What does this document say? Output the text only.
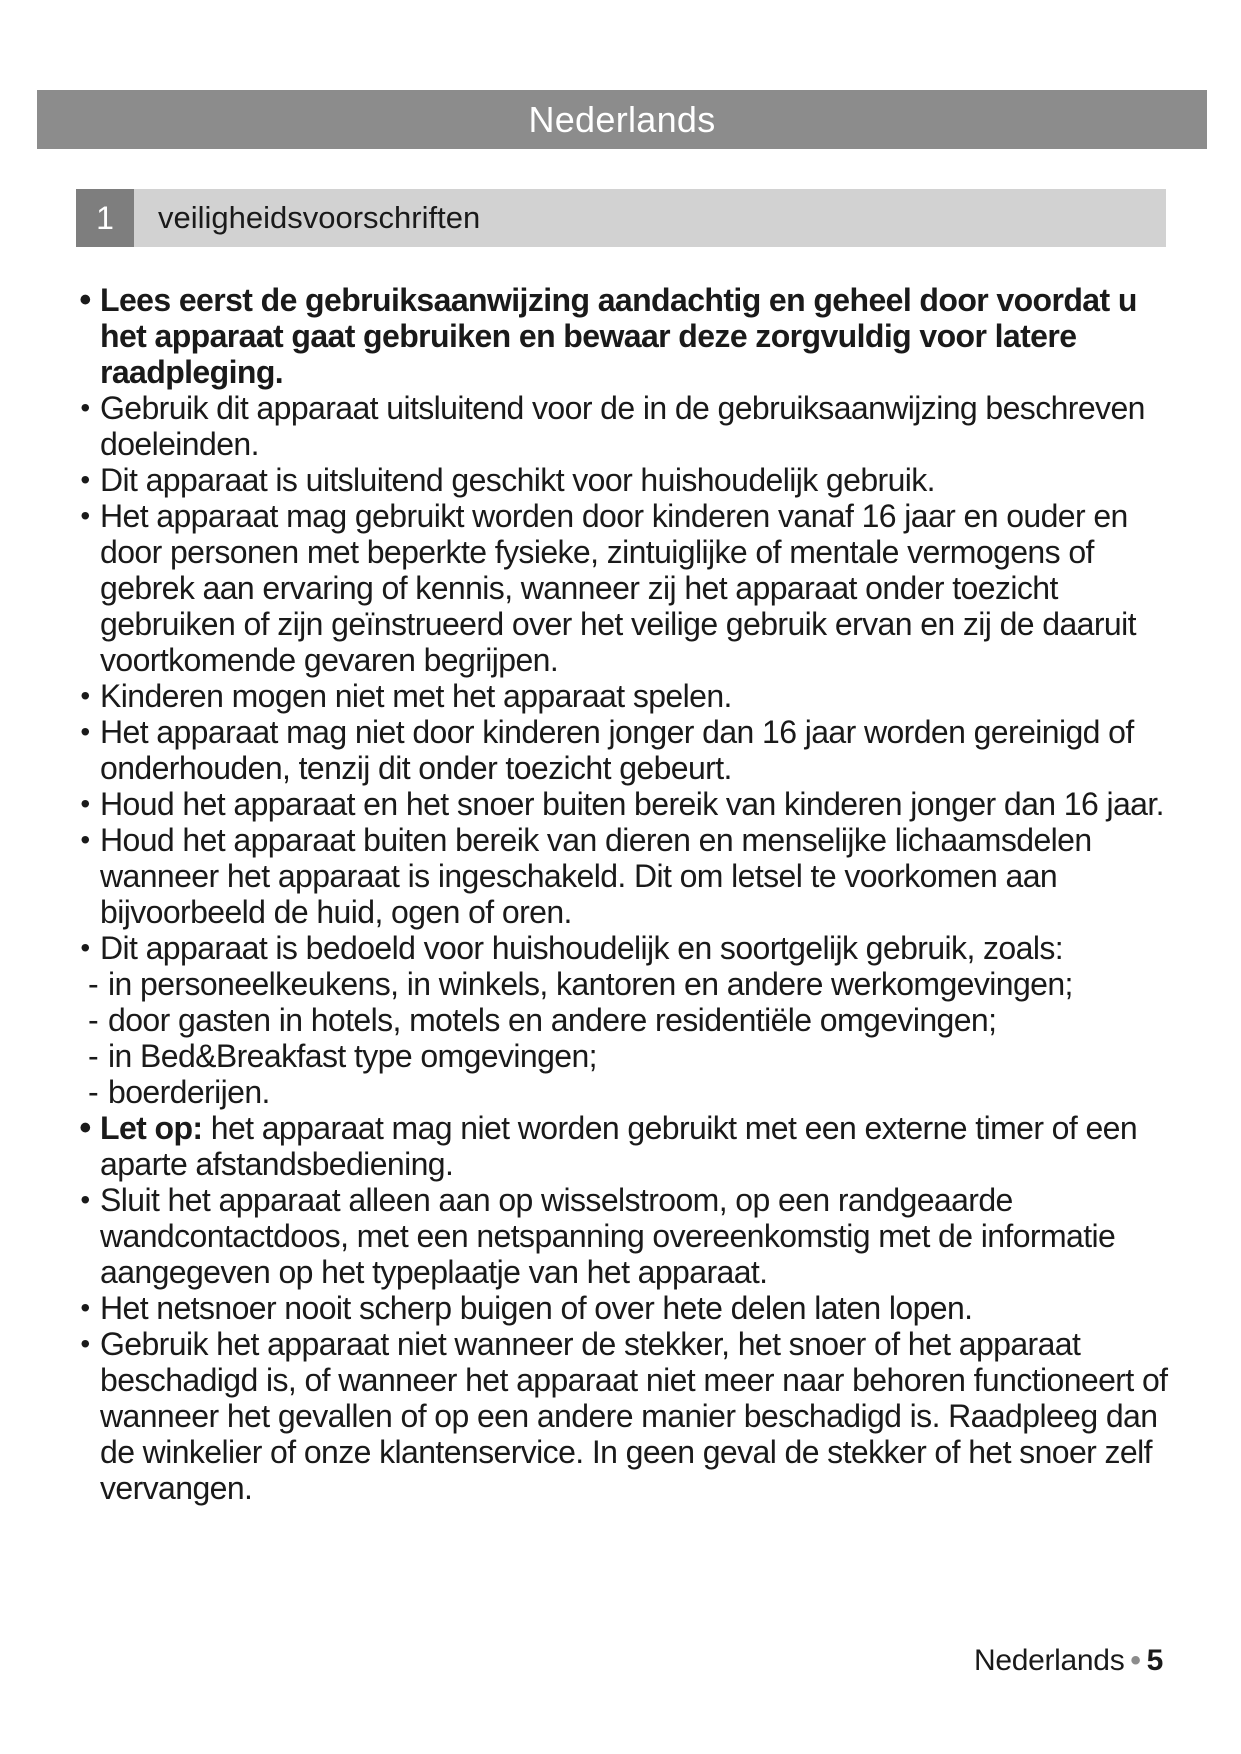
Nederlands
1	veiligheidsvoorschriften
• Lees eerst de gebruiksaanwijzing aandachtig en geheel door voordat u het apparaat gaat gebruiken en bewaar deze zorgvuldig voor latere raadpleging.
• Gebruik dit apparaat uitsluitend voor de in de gebruiksaanwijzing beschreven doeleinden.
• Dit apparaat is uitsluitend geschikt voor huishoudelijk gebruik.
• Het apparaat mag gebruikt worden door kinderen vanaf 16 jaar en ouder en door personen met beperkte fysieke, zintuiglijke of mentale vermogens of gebrek aan ervaring of kennis, wanneer zij het apparaat onder toezicht gebruiken of zijn geïnstrueerd over het veilige gebruik ervan en zij de daaruit voortkomende gevaren begrijpen.
• Kinderen mogen niet met het apparaat spelen.
• Het apparaat mag niet door kinderen jonger dan 16 jaar worden gereinigd of onderhouden, tenzij dit onder toezicht gebeurt.
• Houd het apparaat en het snoer buiten bereik van kinderen jonger dan 16 jaar.
• Houd het apparaat buiten bereik van dieren en menselijke lichaamsdelen wanneer het apparaat is ingeschakeld. Dit om letsel te voorkomen aan bijvoorbeeld de huid, ogen of oren.
• Dit apparaat is bedoeld voor huishoudelijk en soortgelijk gebruik, zoals:
- in personeelkeukens, in winkels, kantoren en andere werkomgevingen;
- door gasten in hotels, motels en andere residentiële omgevingen;
- in Bed&Breakfast type omgevingen;
- boerderijen.
• Let op: het apparaat mag niet worden gebruikt met een externe timer of een aparte afstandsbediening.
• Sluit het apparaat alleen aan op wisselstroom, op een randgeaarde wandcontactdoos, met een netspanning overeenkomstig met de informatie aangegeven op het typeplaatje van het apparaat.
• Het netsnoer nooit scherp buigen of over hete delen laten lopen.
• Gebruik het apparaat niet wanneer de stekker, het snoer of het apparaat beschadigd is, of wanneer het apparaat niet meer naar behoren functioneert of wanneer het gevallen of op een andere manier beschadigd is. Raadpleeg dan de winkelier of onze klantenservice. In geen geval de stekker of het snoer zelf vervangen.
Nederlands • 5
